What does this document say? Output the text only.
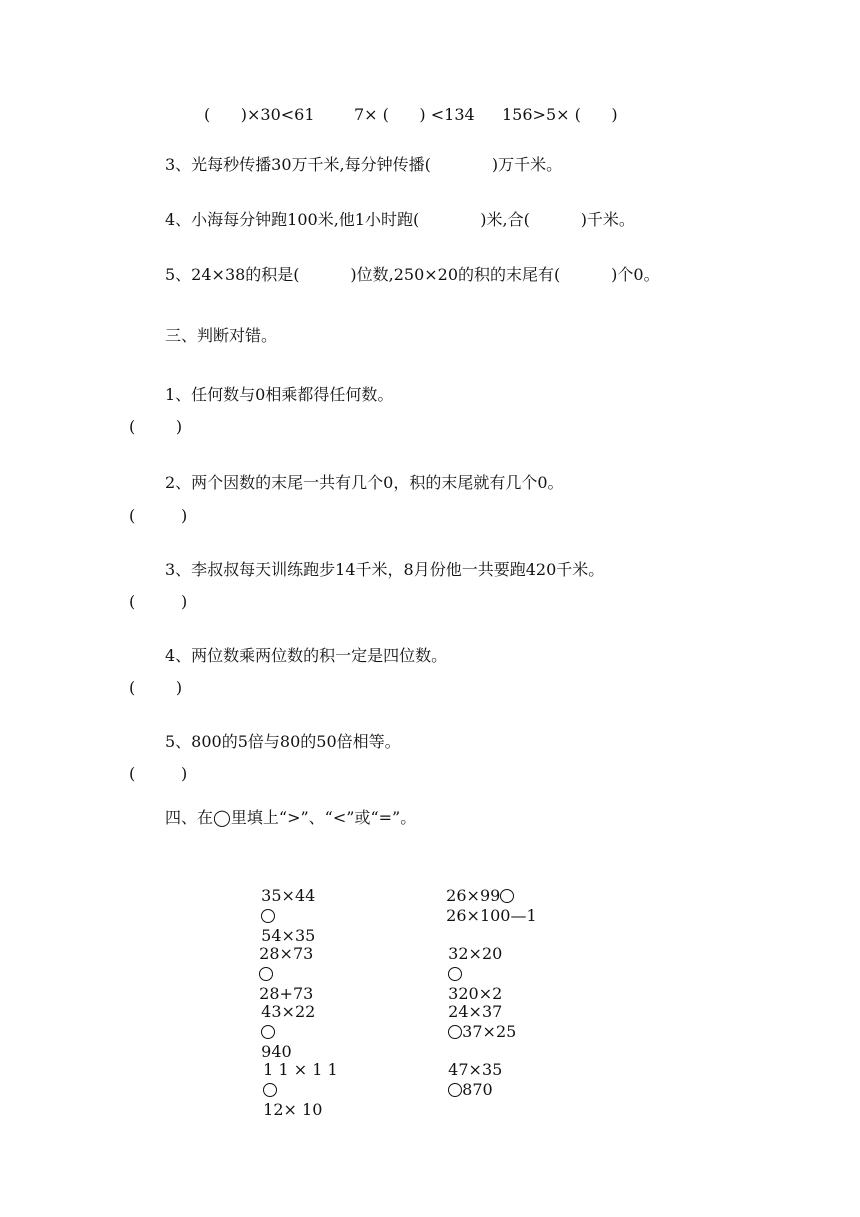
(      )×30<61 7× (      ) <134 156>5× (      )
3、光每秒传播30万千米,每分钟传播(            )万千米。
4、小海每分钟跑100米,他1小时跑(            )米,合(          )千米。
5、24×38的积是(          )位数,250×20的积的末尾有(          )个0。
三、判断对错。
1、任何数与0相乘都得任何数。
(        )
2、两个因数的末尾一共有几个0，积的末尾就有几个0。
(         )
3、李叔叔每天训练跑步14千米，8月份他一共要跑420千米。
(         )
4、两位数乘两位数的积一定是四位数。
(        )
5、800的5倍与80的50倍相等。
(         )
四、在◯里填上“>”、“<”或“=”。

35×44

54×35

26×99
26×100—1

28×73

28+73

32×20

320×2

43×22

940

24×37
37×25

1 1 × 1 1

12× 10

47×35
870
